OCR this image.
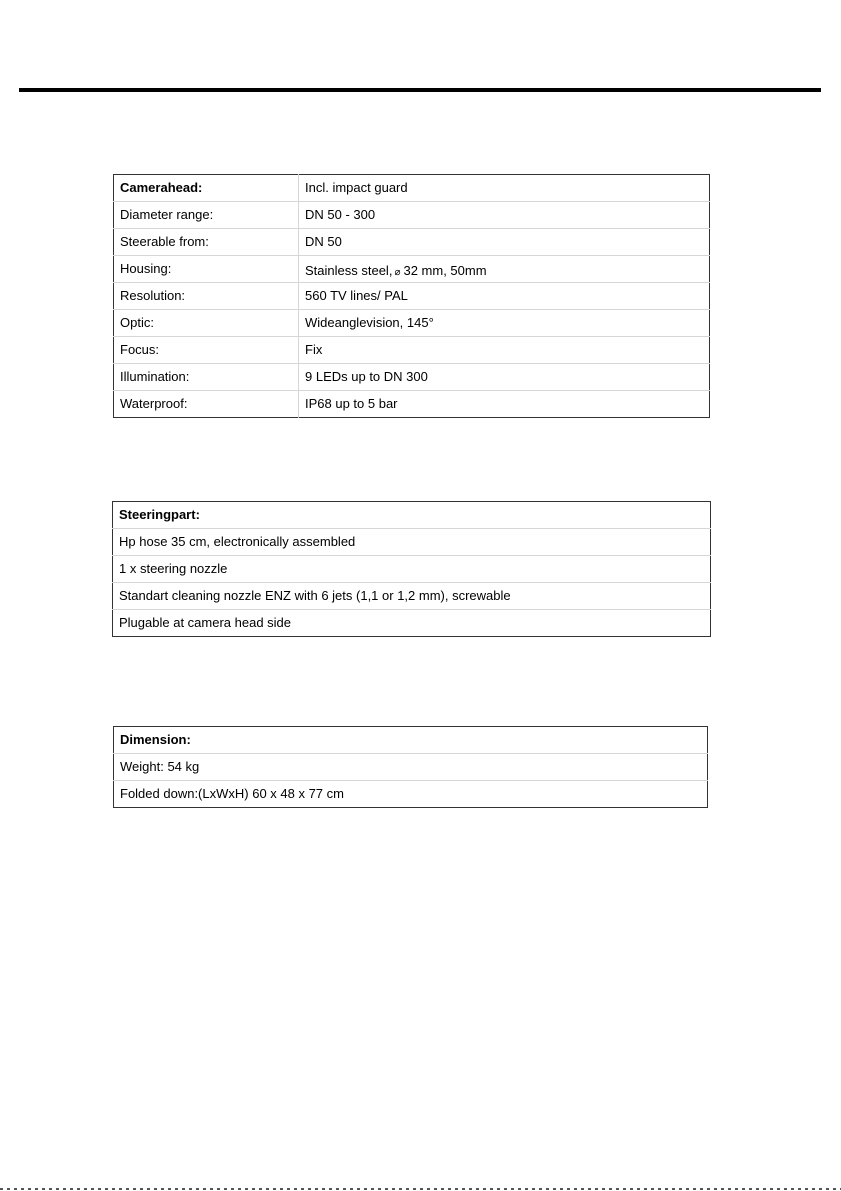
Camerahead:	Incl. impact guard
Diameter range:	DN 50 - 300
Steerable from:	DN 50
Housing:	Stainless steel, ⌀ 32 mm, 50mm
Resolution:	560 TV lines/ PAL
Optic:	Wideanglevision, 145°
Focus:	Fix
Illumination:	9 LEDs up to DN 300
Waterproof:	IP68 up to 5 bar
Steeringpart:
Hp hose 35 cm, electronically assembled
1 x steering nozzle
Standart cleaning nozzle ENZ with 6 jets (1,1 or 1,2 mm), screwable
Plugable at camera head side
Dimension:
Weight: 54 kg
Folded down:(LxWxH) 60 x 48 x 77 cm
